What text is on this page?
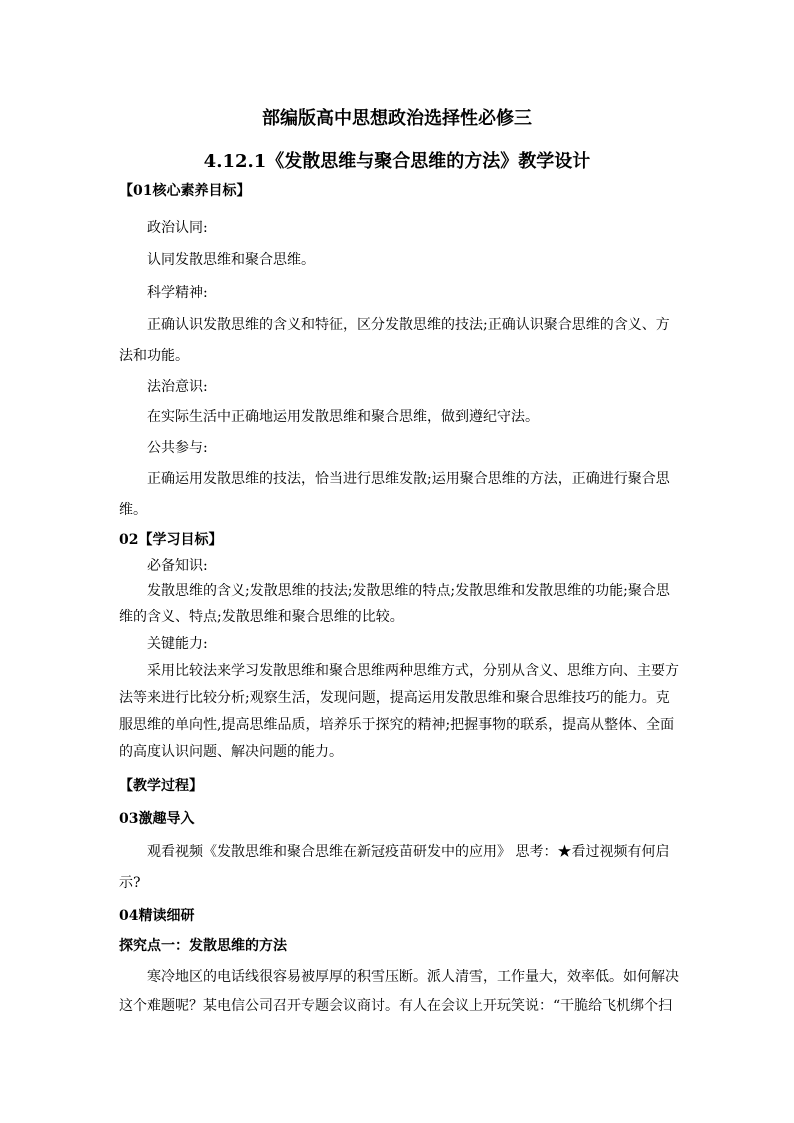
部编版高中思想政治选择性必修三
4.12.1《发散思维与聚合思维的方法》教学设计
【01核心素养目标】
政治认同:
认同发散思维和聚合思维。
科学精神:
正确认识发散思维的含义和特征，区分发散思维的技法;正确认识聚合思维的含义、方
法和功能。
法治意识:
在实际生活中正确地运用发散思维和聚合思维，做到遵纪守法。
公共参与:
正确运用发散思维的技法，恰当进行思维发散;运用聚合思维的方法，正确进行聚合思
维。
02【学习目标】
必备知识:
发散思维的含义;发散思维的技法;发散思维的特点;发散思维和发散思维的功能;聚合思
维的含义、特点;发散思维和聚合思维的比较。
关键能力:
采用比较法来学习发散思维和聚合思维两种思维方式，分别从含义、思维方向、主要方
法等来进行比较分析;观察生活，发现问题，提高运用发散思维和聚合思维技巧的能力。克
服思维的单向性,提高思维品质，培养乐于探究的精神;把握事物的联系，提高从整体、全面
的高度认识问题、解决问题的能力。
【教学过程】
03激趣导入
观看视频《发散思维和聚合思维在新冠疫苗研发中的应用》 思考：★看过视频有何启
示?
04精读细研
探究点一：发散思维的方法
寒冷地区的电话线很容易被厚厚的积雪压断。派人清雪，工作量大，效率低。如何解决
这个难题呢？某电信公司召开专题会议商讨。有人在会议上开玩笑说：“干脆给飞机绑个扫
